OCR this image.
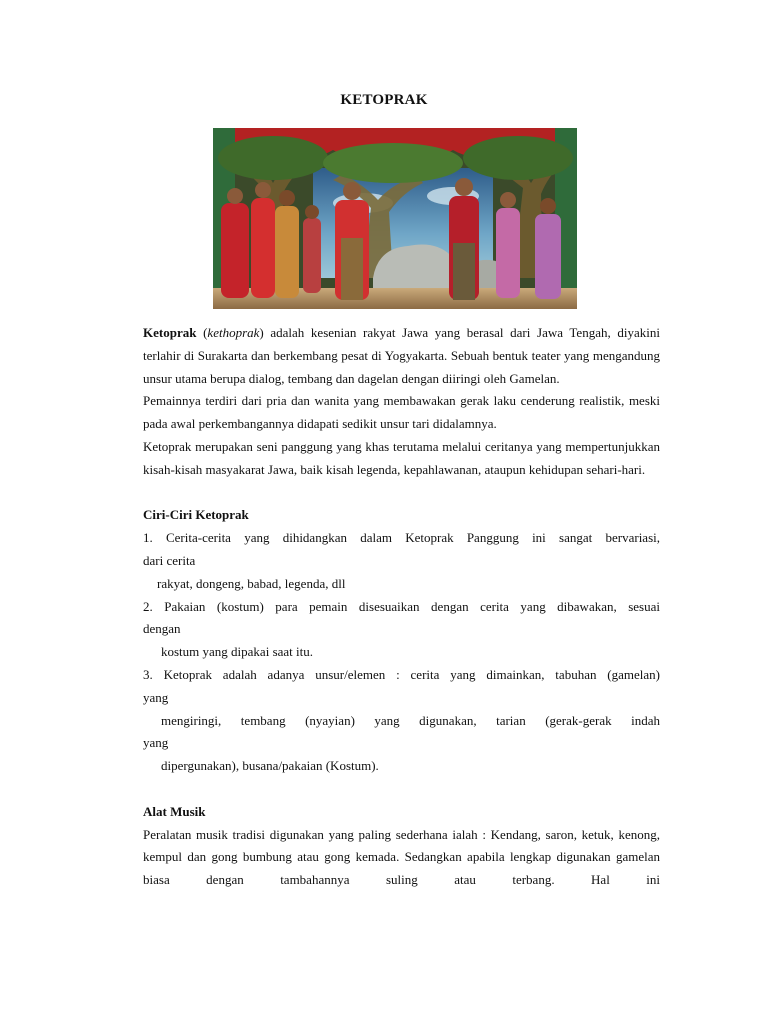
KETOPRAK

Ketoprak (kethoprak) adalah kesenian rakyat Jawa yang berasal dari Jawa Tengah, diyakini terlahir di Surakarta dan berkembang pesat di Yogyakarta. Sebuah bentuk teater yang mengandung unsur utama berupa dialog, tembang dan dagelan dengan diiringi oleh Gamelan.

Pemainnya terdiri dari pria dan wanita yang membawakan gerak laku cenderung realistik, meski pada awal perkembangannya didapati sedikit unsur tari didalamnya.

Ketoprak merupakan seni panggung yang khas terutama melalui ceritanya yang mempertunjukkan kisah-kisah masyakarat Jawa, baik kisah legenda, kepahlawanan, ataupun kehidupan sehari-hari.

Ciri-Ciri Ketoprak

1. Cerita-cerita yang dihidangkan dalam Ketoprak Panggung ini sangat bervariasi,

dari cerita

rakyat, dongeng, babad, legenda, dll

2. Pakaian (kostum) para pemain disesuaikan dengan cerita yang dibawakan, sesuai

dengan

kostum yang dipakai saat itu.

3. Ketoprak adalah adanya unsur/elemen : cerita yang dimainkan, tabuhan (gamelan)

yang

mengiringi, tembang (nyayian) yang digunakan, tarian (gerak-gerak indah

yang

dipergunakan), busana/pakaian (Kostum).

Alat Musik

Peralatan musik tradisi digunakan yang paling sederhana ialah : Kendang, saron, ketuk, kenong, kempul dan gong bumbung atau gong kemada. Sedangkan apabila lengkap digunakan gamelan biasa dengan tambahannya suling atau terbang. Hal ini
